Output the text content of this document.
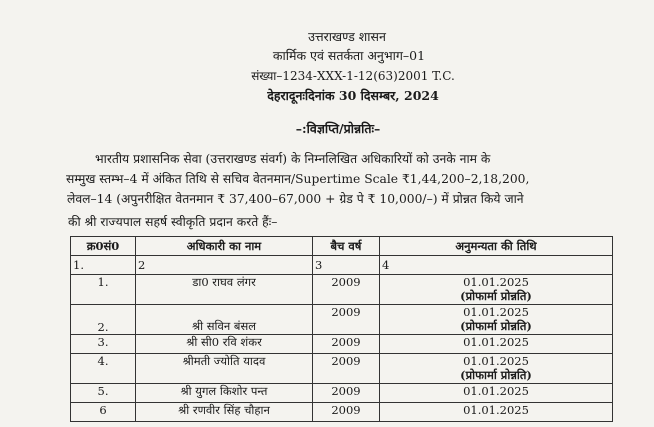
उत्तराखण्ड शासन
कार्मिक एवं सतर्कता अनुभाग–01
संख्या–1234-XXX-1-12(63)2001 T.C.
देहरादूनःदिनांक 30 दिसम्बर, 2024
–:विज्ञप्ति/प्रोन्नतिः–
भारतीय प्रशासनिक सेवा (उत्तराखण्ड संवर्ग) के निम्नलिखित अधिकारियों को उनके नाम के
सम्मुख स्तम्भ–4 में अंकित तिथि से सचिव वेतनमान/Supertime Scale ₹1,44,200–2,18,200,
लेवल–14 (अपुनरीक्षित वेतनमान ₹ 37,400–67,000 + ग्रेड पे ₹ 10,000/–) में प्रोन्नत किये जाने
की श्री राज्यपाल सहर्ष स्वीकृति प्रदान करते हैंः–
क्र0सं0	अधिकारी का नाम	बैच वर्ष	अनुमन्यता की तिथि
1.	2	3	4
1.	डा0 राघव लंगर	2009	01.01.2025
(प्रोफार्मा प्रोन्नति)

2.	श्री सविन बंसल	2009	01.01.2025
(प्रोफार्मा प्रोन्नति)

3.	श्री सी0 रवि शंकर	2009	01.01.2025
4.	श्रीमती ज्योति यादव	2009	01.01.2025
(प्रोफार्मा प्रोन्नति)

5.	श्री युगल किशोर पन्त	2009	01.01.2025
6	श्री रणवीर सिंह चौहान	2009	01.01.2025
